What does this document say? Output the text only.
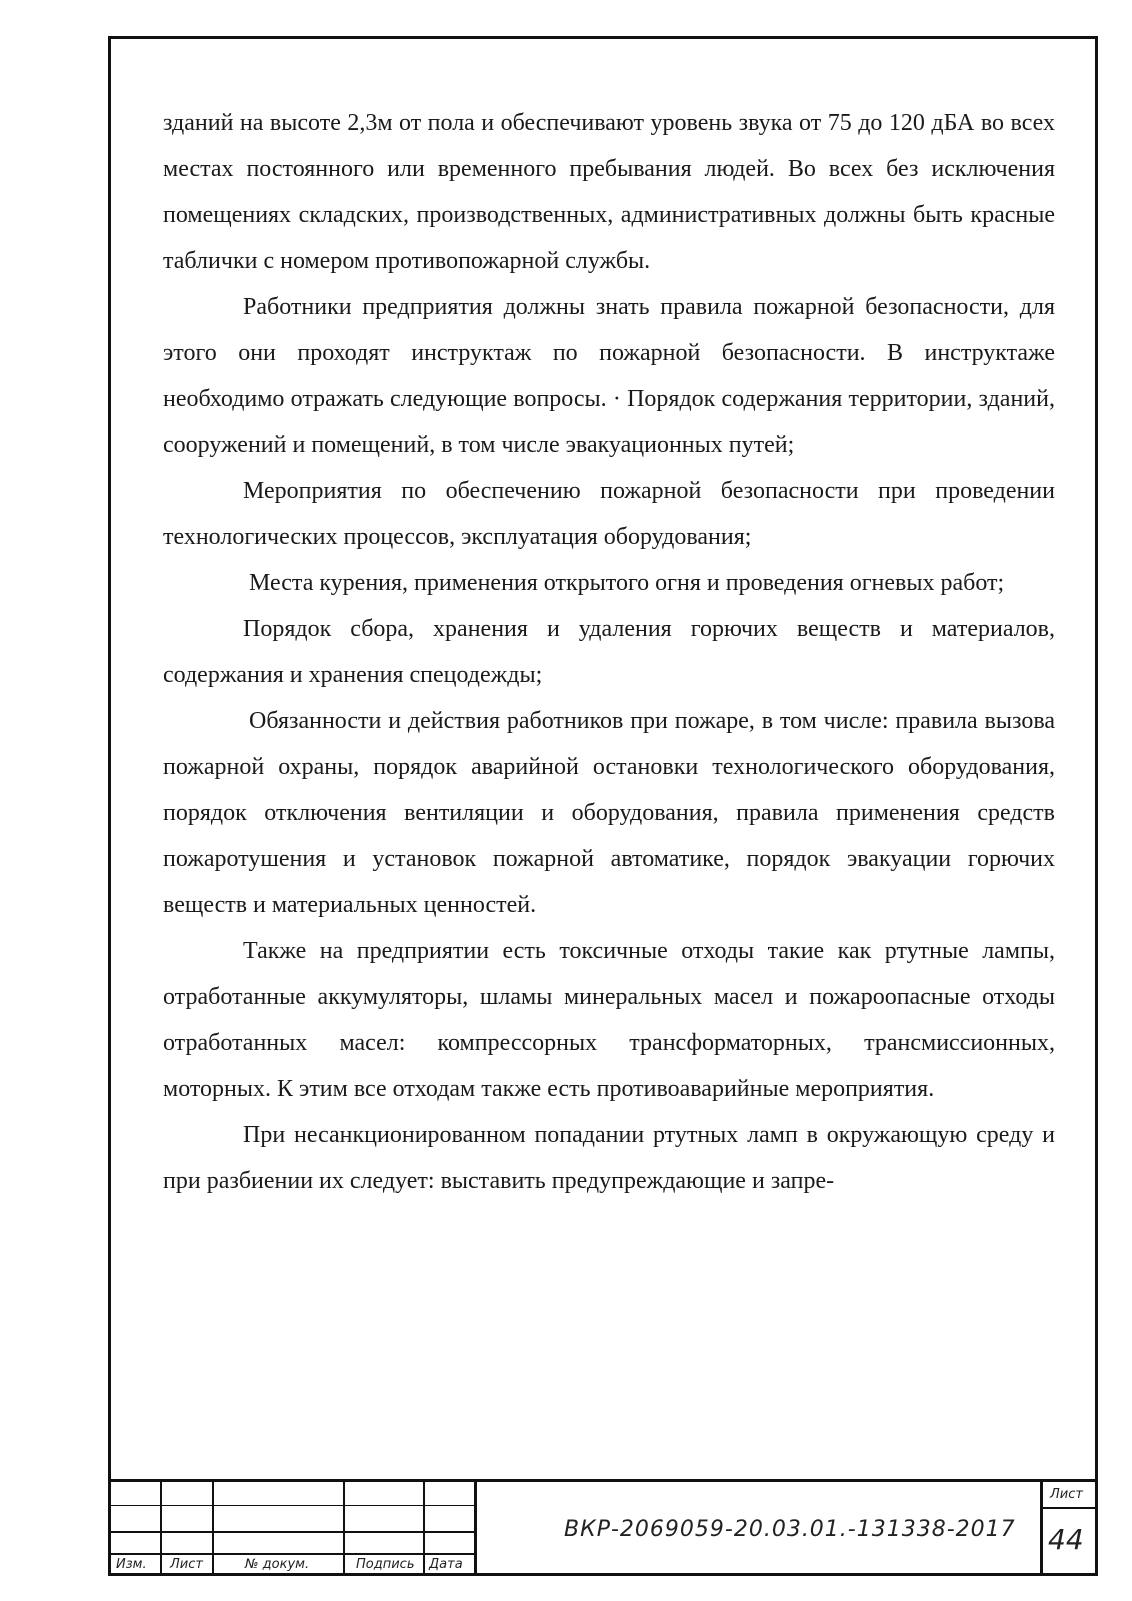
зданий на высоте 2,3м от пола и обеспечивают уровень звука от 75 до 120 дБА во всех местах постоянного или временного пребывания людей. Во всех без исключения помещениях складских, производственных, административных должны быть красные таблички с номером противопожарной службы.

Работники предприятия должны знать правила пожарной безопасности, для этого они проходят инструктаж по пожарной безопасности. В инструктаже необходимо отражать следующие вопросы. · Порядок содержания территории, зданий, сооружений и помещений, в том числе эвакуационных путей;

Мероприятия по обеспечению пожарной безопасности при проведении технологических процессов, эксплуатация оборудования;

Места курения, применения открытого огня и проведения огневых работ;

Порядок сбора, хранения и удаления горючих веществ и материалов, содержания и хранения спецодежды;

Обязанности и действия работников при пожаре, в том числе: правила вызова пожарной охраны, порядок аварийной остановки технологического оборудования, порядок отключения вентиляции и оборудования, правила применения средств пожаротушения и установок пожарной автоматике, порядок эвакуации горючих веществ и материальных ценностей.

Также на предприятии есть токсичные отходы такие как ртутные лампы, отработанные аккумуляторы, шламы минеральных масел и пожароопасные отходы отработанных масел: компрессорных трансформаторных, трансмиссионных, моторных. К этим все отходам также есть противоаварийные мероприятия.

При несанкционированном попадании ртутных ламп в окружающую среду и при разбиении их следует: выставить предупреждающие и запре-

Изм. Лист	№ докум.	Подпись Дата
ВКР-2069059-20.03.01.-131338-2017
Лист
44
